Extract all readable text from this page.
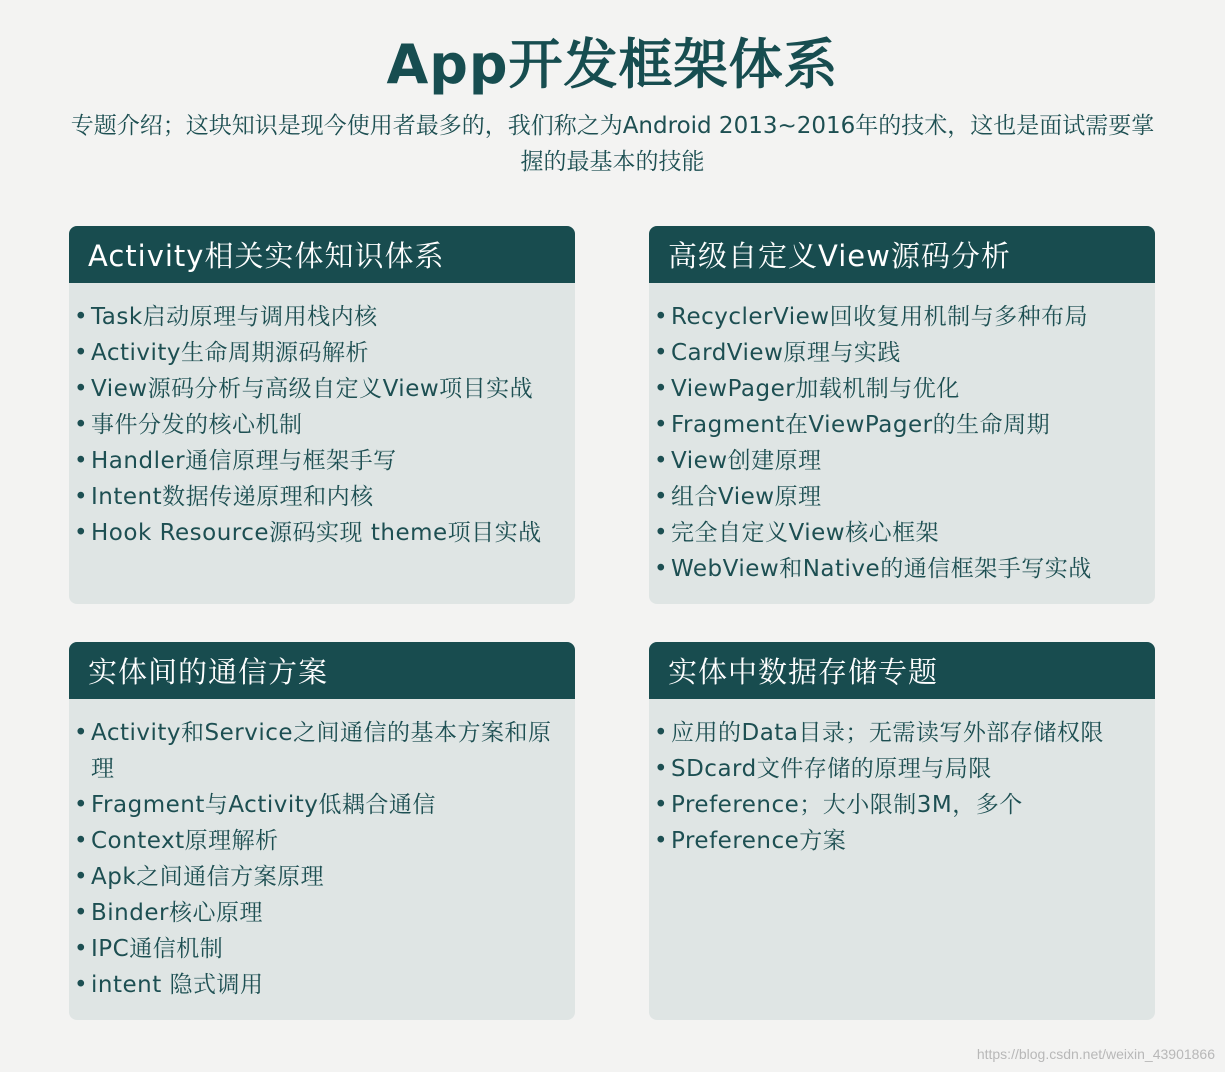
App开发框架体系
专题介绍；这块知识是现今使用者最多的，我们称之为Android 2013~2016年的技术，这也是面试需要掌握的最基本的技能
Activity相关实体知识体系
• Task启动原理与调用栈内核
• Activity生命周期源码解析
• View源码分析与高级自定义View项目实战
• 事件分发的核心机制
• Handler通信原理与框架手写
• Intent数据传递原理和内核
• Hook Resource源码实现 theme项目实战
高级自定义View源码分析
• RecyclerView回收复用机制与多种布局
• CardView原理与实践
• ViewPager加载机制与优化
• Fragment在ViewPager的生命周期
• View创建原理
• 组合View原理
• 完全自定义View核心框架
• WebView和Native的通信框架手写实战
实体间的通信方案
• Activity和Service之间通信的基本方案和原理
• Fragment与Activity低耦合通信
• Context原理解析
• Apk之间通信方案原理
• Binder核心原理
• IPC通信机制
• intent 隐式调用
实体中数据存储专题
• 应用的Data目录；无需读写外部存储权限
• SDcard文件存储的原理与局限
• Preference；大小限制3M，多个
• Preference方案
https://blog.csdn.net/weixin_43901866
